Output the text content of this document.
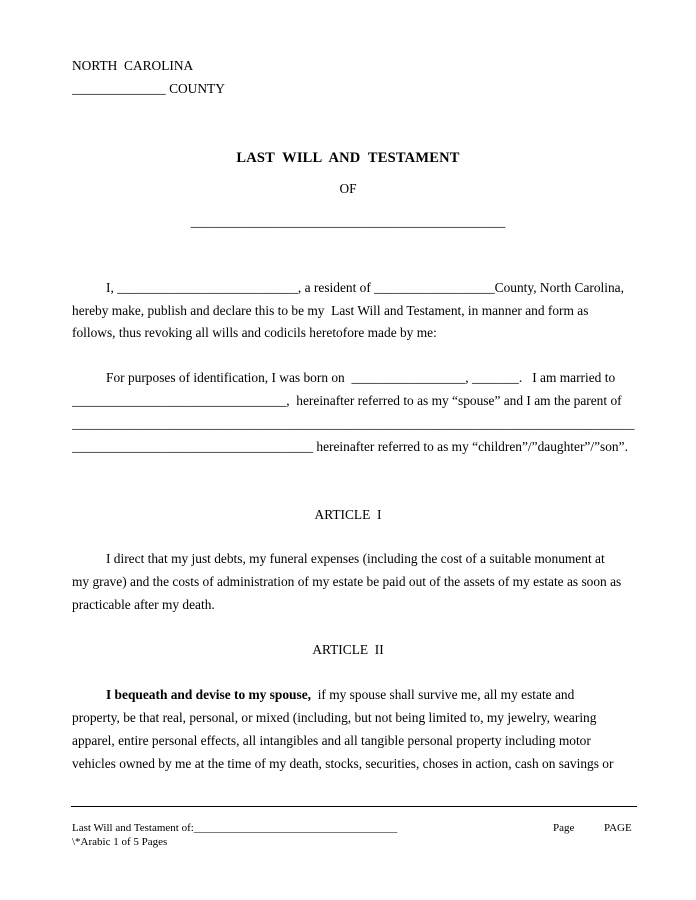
NORTH  CAROLINA
______________ COUNTY
LAST  WILL  AND  TESTAMENT
OF
_______________________________________________
I, ___________________________, a resident of __________________County, North Carolina,
hereby make, publish and declare this to be my  Last Will and Testament, in manner and form as
follows, thus revoking all wills and codicils heretofore made by me:
For purposes of identification, I was born on  _________________, _______.   I am married to
________________________________,  hereinafter referred to as my “spouse” and I am the parent of
____________________________________________________________________________________
____________________________________ hereinafter referred to as my “children”/”daughter”/”son”.
ARTICLE  I
I direct that my just debts, my funeral expenses (including the cost of a suitable monument at
my grave) and the costs of administration of my estate be paid out of the assets of my estate as soon as
practicable after my death.
ARTICLE  II
I bequeath and devise to my spouse,  if my spouse shall survive me, all my estate and
property, be that real, personal, or mixed (including, but not being limited to, my jewelry, wearing
apparel, entire personal effects, all intangibles and all tangible personal property including motor
vehicles owned by me at the time of my death, stocks, securities, choses in action, cash on savings or
Last Will and Testament of:_____________________________________	Page	PAGE
\*Arabic 1 of 5 Pages
